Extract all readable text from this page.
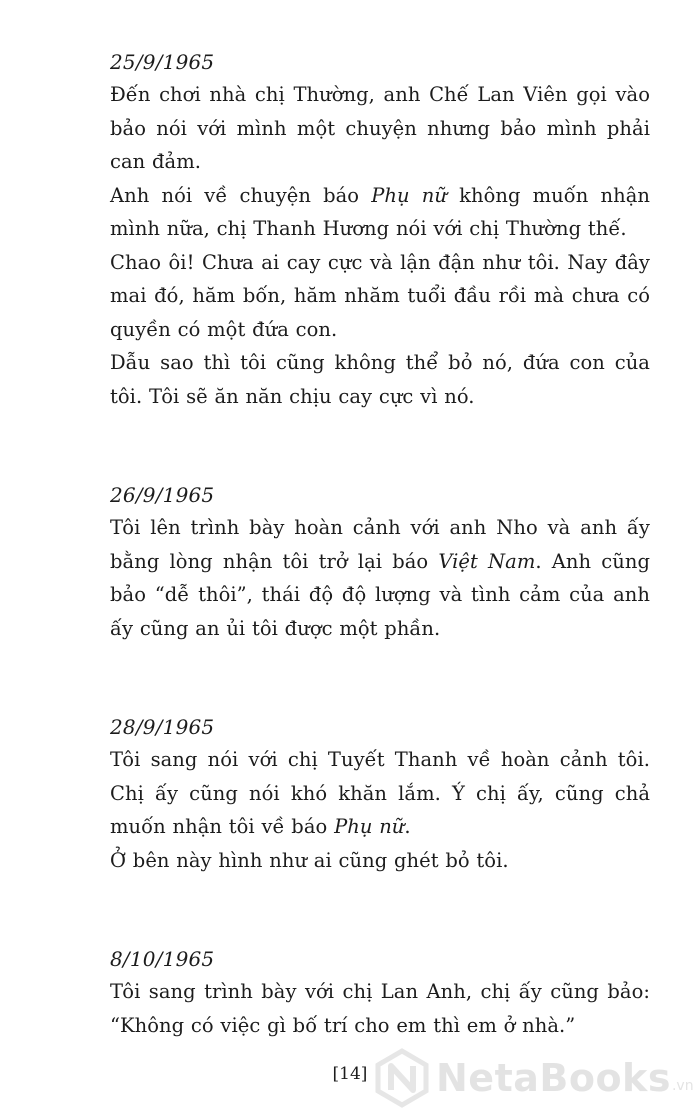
25/9/1965

Đến chơi nhà chị Thường, anh Chế Lan Viên gọi vào bảo nói với mình một chuyện nhưng bảo mình phải can đảm.

Anh nói về chuyện báo Phụ nữ không muốn nhận mình nữa, chị Thanh Hương nói với chị Thường thế.

Chao ôi! Chưa ai cay cực và lận đận như tôi. Nay đây mai đó, hăm bốn, hăm nhăm tuổi đầu rồi mà chưa có quyền có một đứa con.

Dẫu sao thì tôi cũng không thể bỏ nó, đứa con của tôi. Tôi sẽ ăn năn chịu cay cực vì nó.

26/9/1965

Tôi lên trình bày hoàn cảnh với anh Nho và anh ấy bằng lòng nhận tôi trở lại báo Việt Nam. Anh cũng bảo “dễ thôi”, thái độ độ lượng và tình cảm của anh ấy cũng an ủi tôi được một phần.

28/9/1965

Tôi sang nói với chị Tuyết Thanh về hoàn cảnh tôi. Chị ấy cũng nói khó khăn lắm. Ý chị ấy, cũng chả muốn nhận tôi về báo Phụ nữ.

Ở bên này hình như ai cũng ghét bỏ tôi.

8/10/1965

Tôi sang trình bày với chị Lan Anh, chị ấy cũng bảo: “Không có việc gì bố trí cho em thì em ở nhà.”

[14]	NetaBooks .vn
